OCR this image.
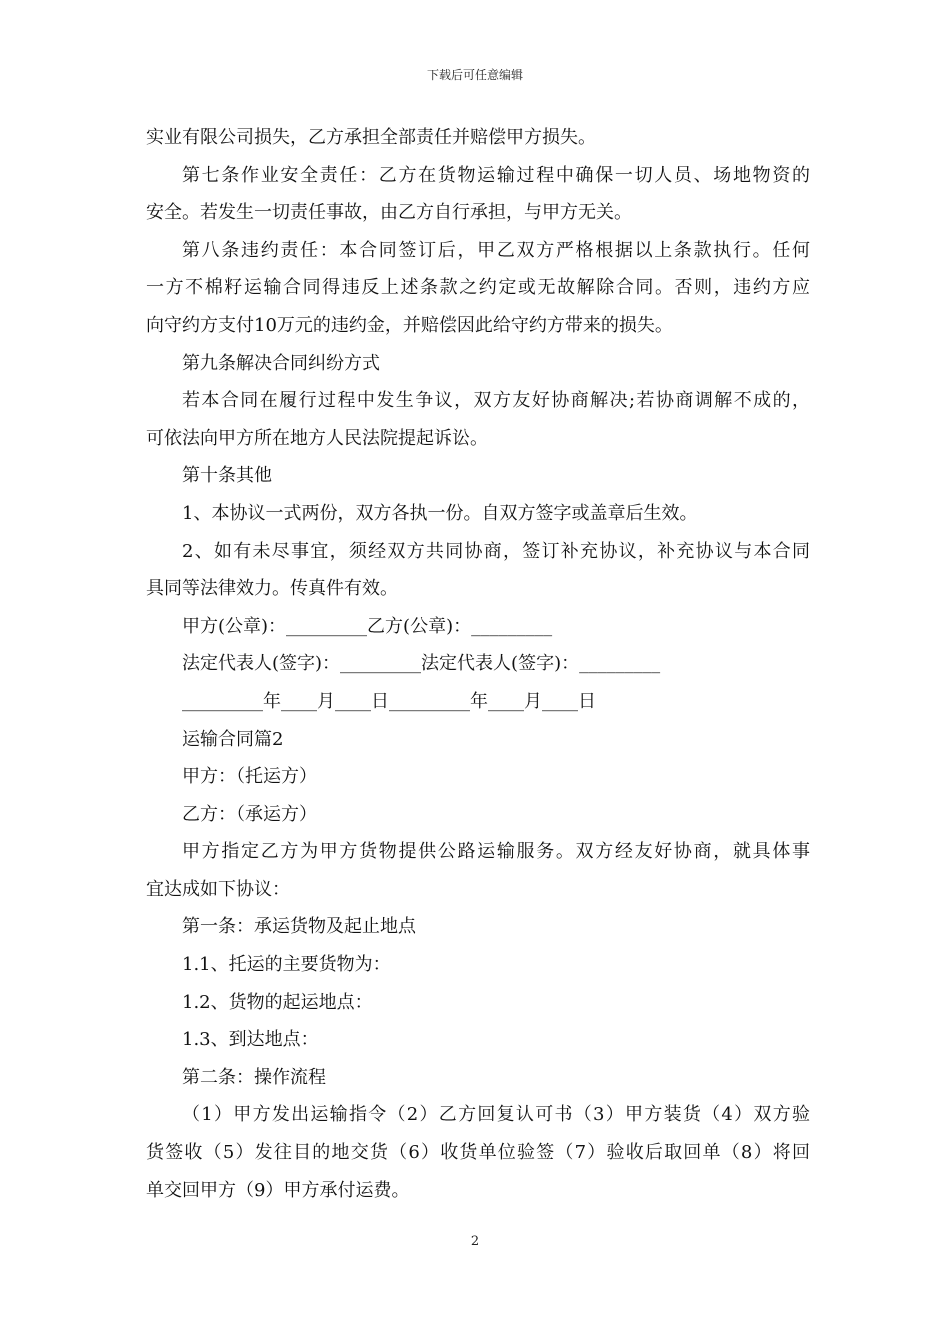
下载后可任意编辑
实业有限公司损失，乙方承担全部责任并赔偿甲方损失。
第七条作业安全责任：乙方在货物运输过程中确保一切人员、场地物资的
安全。若发生一切责任事故，由乙方自行承担，与甲方无关。
第八条违约责任：本合同签订后，甲乙双方严格根据以上条款执行。任何
一方不棉籽运输合同得违反上述条款之约定或无故解除合同。否则，违约方应
向守约方支付10万元的违约金，并赔偿因此给守约方带来的损失。
第九条解决合同纠纷方式
若本合同在履行过程中发生争议，双方友好协商解决;若协商调解不成的，
可依法向甲方所在地方人民法院提起诉讼。
第十条其他
1、本协议一式两份，双方各执一份。自双方签字或盖章后生效。
2、如有未尽事宜，须经双方共同协商，签订补充协议，补充协议与本合同
具同等法律效力。传真件有效。
甲方(公章)：_________乙方(公章)：_________
法定代表人(签字)：_________法定代表人(签字)：_________
_________年____月____日_________年____月____日
运输合同篇2
甲方：（托运方）
乙方：（承运方）
甲方指定乙方为甲方货物提供公路运输服务。双方经友好协商，就具体事
宜达成如下协议：
第一条：承运货物及起止地点
1.1、托运的主要货物为：
1.2、货物的起运地点：
1.3、到达地点：
第二条：操作流程
（1）甲方发出运输指令（2）乙方回复认可书（3）甲方装货（4）双方验
货签收（5）发往目的地交货（6）收货单位验签（7）验收后取回单（8）将回
单交回甲方（9）甲方承付运费。
2
